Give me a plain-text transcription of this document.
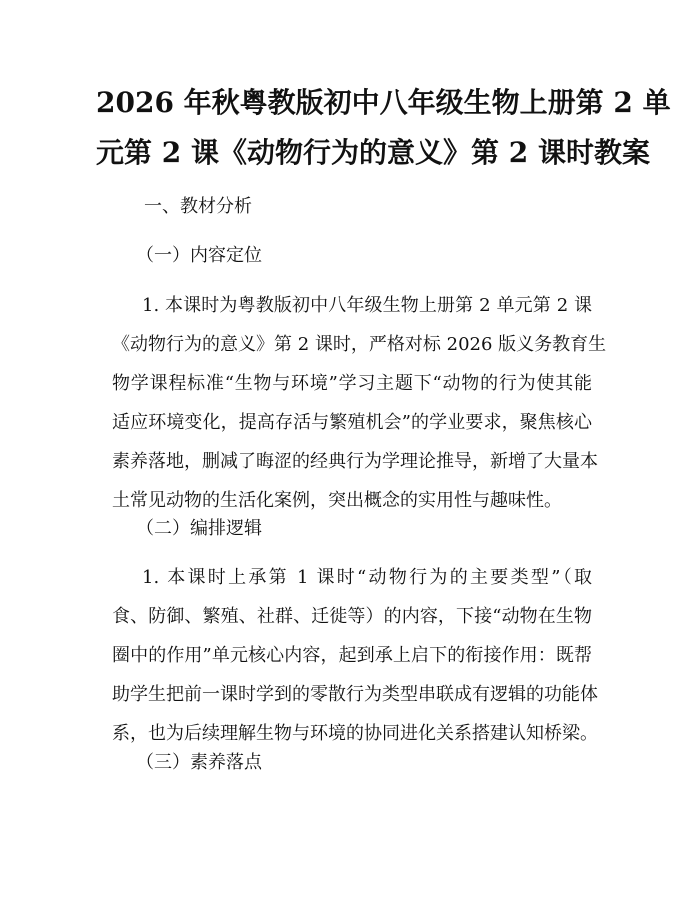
2026 年秋粤教版初中八年级生物上册第 2 单
元第 2 课《动物行为的意义》第 2 课时教案
一、教材分析
（一）内容定位
1. 本课时为粤教版初中八年级生物上册第 2 单元第 2 课
《动物行为的意义》第 2 课时，严格对标 2026 版义务教育生
物学课程标准“生物与环境”学习主题下“动物的行为使其能
适应环境变化，提高存活与繁殖机会”的学业要求，聚焦核心
素养落地，删减了晦涩的经典行为学理论推导，新增了大量本
土常见动物的生活化案例，突出概念的实用性与趣味性。
（二）编排逻辑
1. 本课时上承第 1 课时“动物行为的主要类型”（取
食、防御、繁殖、社群、迁徙等）的内容，下接“动物在生物
圈中的作用”单元核心内容，起到承上启下的衔接作用：既帮
助学生把前一课时学到的零散行为类型串联成有逻辑的功能体
系，也为后续理解生物与环境的协同进化关系搭建认知桥梁。
（三）素养落点
